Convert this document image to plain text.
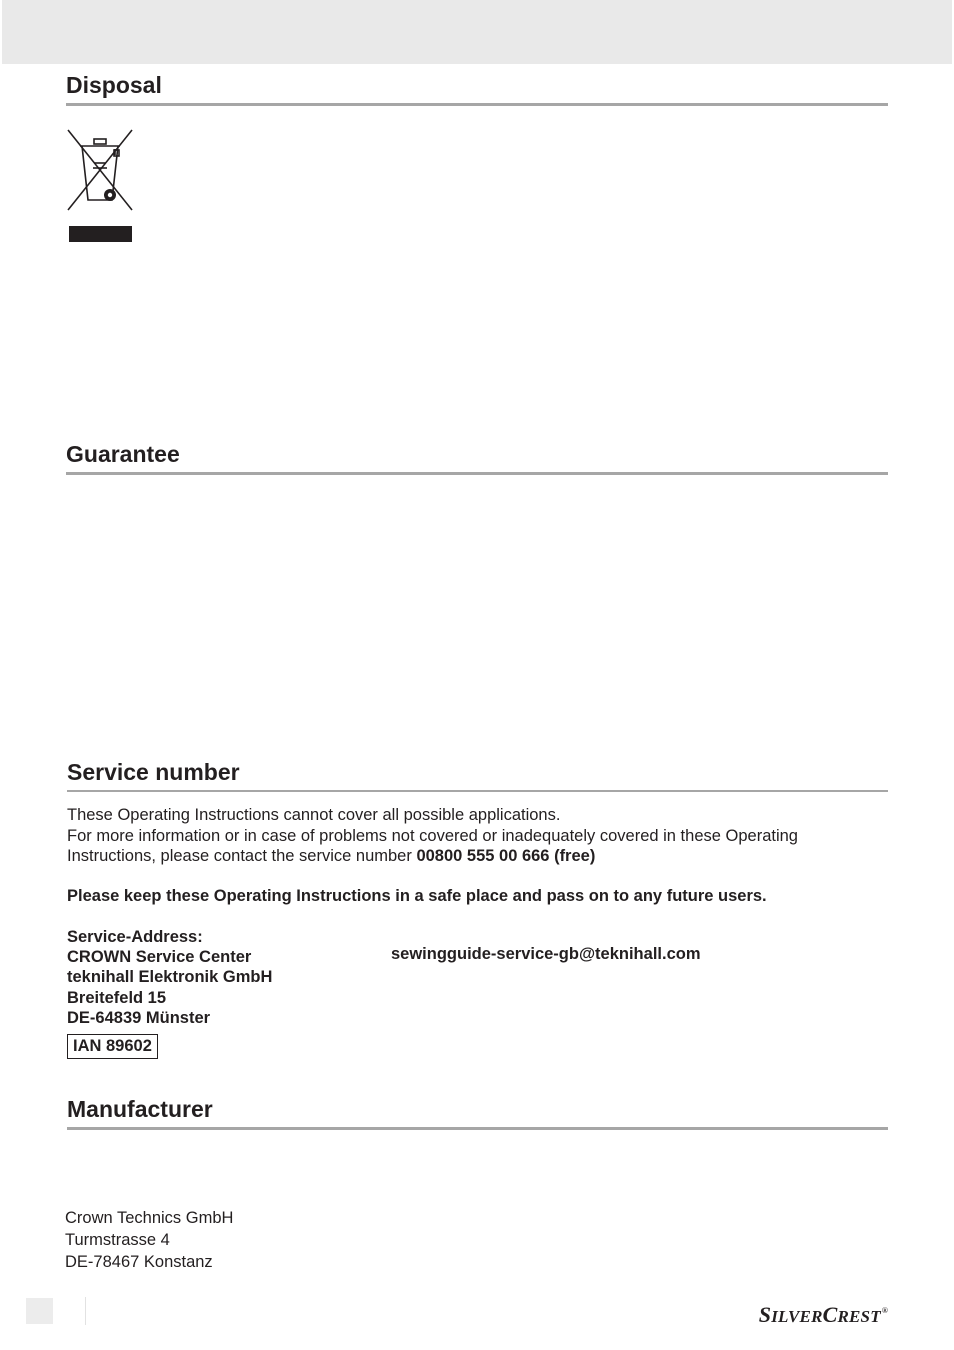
Disposal
Guarantee
Service number
These Operating Instructions cannot cover all possible applications.
For more information or in case of problems not covered or inadequately covered in these Operating
Instructions, please contact the service number 00800 555 00 666 (free)
Please keep these Operating Instructions in a safe place and pass on to any future users.
Service-Address:
CROWN Service Center
teknihall Elektronik GmbH
Breitefeld 15
DE-64839 Münster
sewingguide-service-gb@teknihall.com
IAN 89602
Manufacturer
Crown Technics GmbH
Turmstrasse 4
DE-78467 Konstanz
SILVERCREST®
